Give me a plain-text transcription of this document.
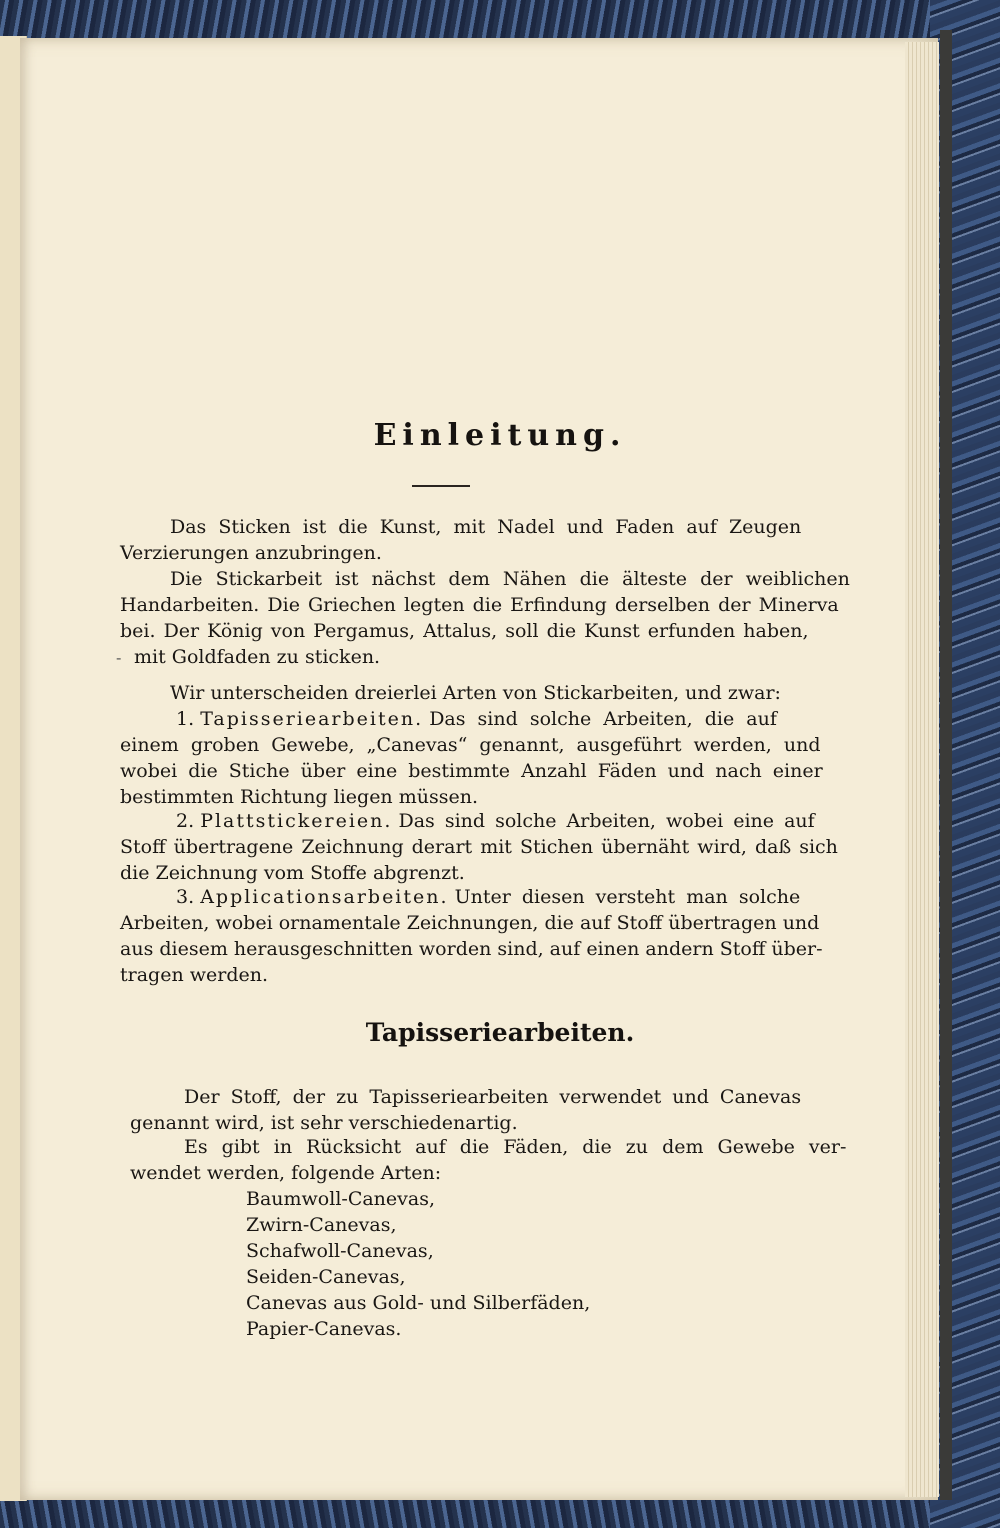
Einleitung.
Das Sticken ist die Kunst, mit Nadel und Faden auf Zeugen
Verzierungen anzubringen.
Die Stickarbeit ist nächst dem Nähen die älteste der weiblichen
Handarbeiten. Die Griechen legten die Erfindung derselben der Minerva
bei. Der König von Pergamus, Attalus, soll die Kunst erfunden haben,
- mit Goldfaden zu sticken.
Wir unterscheiden dreierlei Arten von Stickarbeiten, und zwar:
1. Tapisseriearbeiten. Das sind solche Arbeiten, die auf
einem groben Gewebe, „Canevas“ genannt, ausgeführt werden, und
wobei die Stiche über eine bestimmte Anzahl Fäden und nach einer
bestimmten Richtung liegen müssen.
2. Plattstickereien. Das sind solche Arbeiten, wobei eine auf
Stoff übertragene Zeichnung derart mit Stichen übernäht wird, daß sich
die Zeichnung vom Stoffe abgrenzt.
3. Applicationsarbeiten. Unter diesen versteht man solche
Arbeiten, wobei ornamentale Zeichnungen, die auf Stoff übertragen und
aus diesem herausgeschnitten worden sind, auf einen andern Stoff über-
tragen werden.
Tapisseriearbeiten.
Der Stoff, der zu Tapisseriearbeiten verwendet und Canevas
genannt wird, ist sehr verschiedenartig.
Es gibt in Rücksicht auf die Fäden, die zu dem Gewebe ver-
wendet werden, folgende Arten:
Baumwoll-Canevas,
Zwirn-Canevas,
Schafwoll-Canevas,
Seiden-Canevas,
Canevas aus Gold- und Silberfäden,
Papier-Canevas.
